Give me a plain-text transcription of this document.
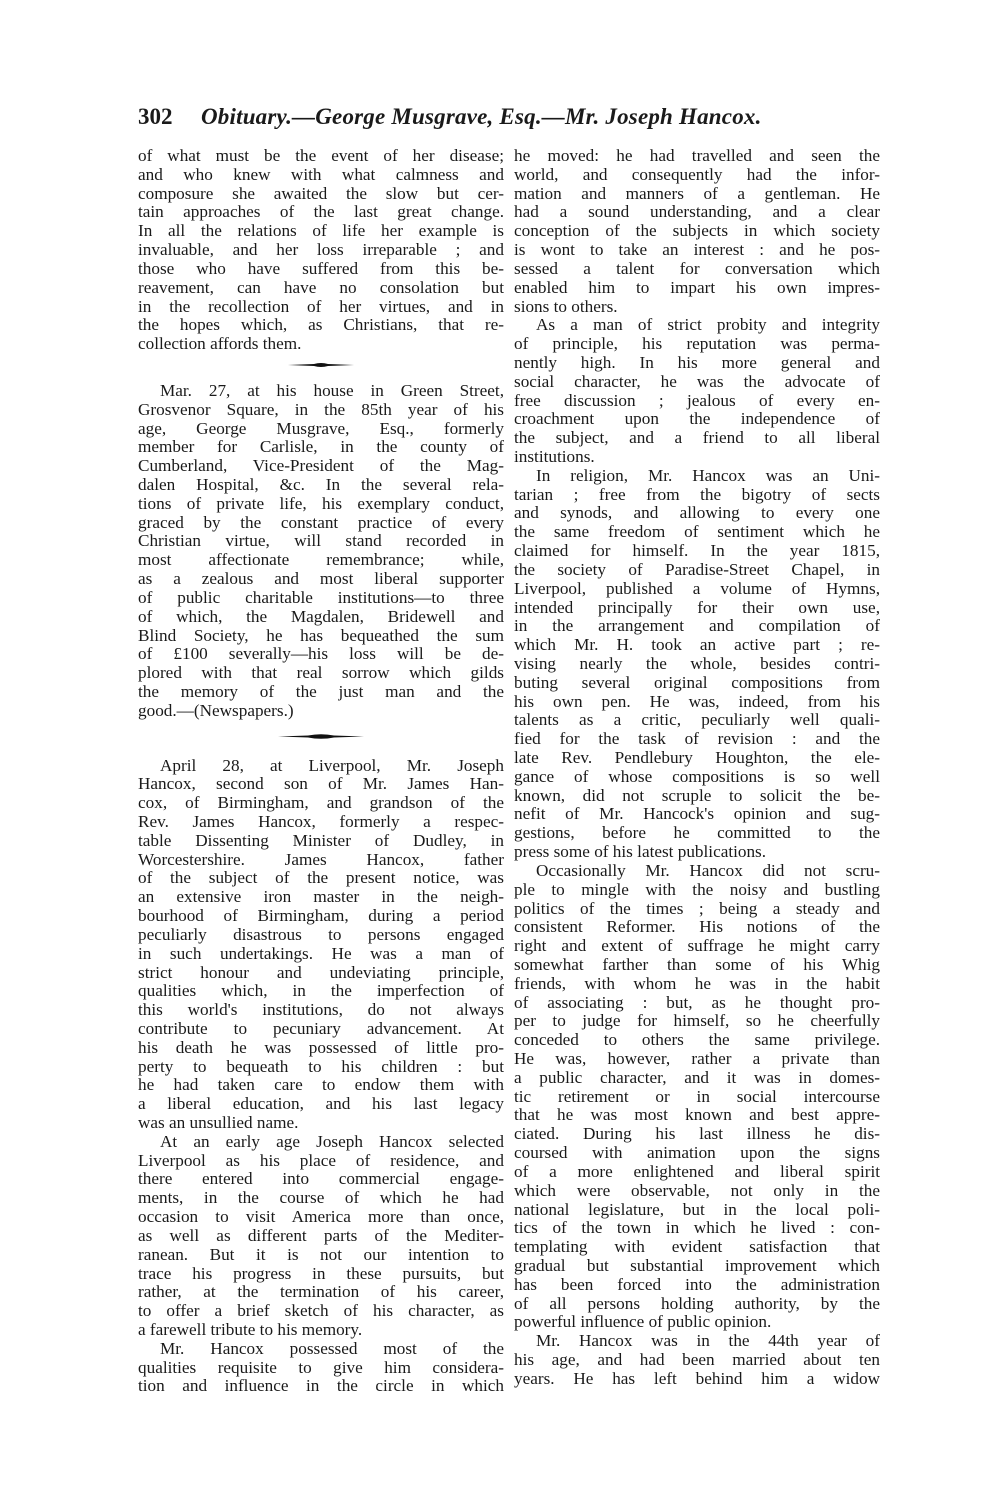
302 Obituary.—George Musgrave, Esq.—Mr. Joseph Hancox.
of what must be the event of her disease;
and who knew with what calmness and
composure she awaited the slow but cer-
tain approaches of the last great change.
In all the relations of life her example is
invaluable, and her loss irreparable ; and
those who have suffered from this be-
reavement, can have no consolation but
in the recollection of her virtues, and in
the hopes which, as Christians, that re-
collection affords them.
Mar. 27, at his house in Green Street,
Grosvenor Square, in the 85th year of his
age, George Musgrave, Esq., formerly
member for Carlisle, in the county of
Cumberland, Vice-President of the Mag-
dalen Hospital, &c. In the several rela-
tions of private life, his exemplary conduct,
graced by the constant practice of every
Christian virtue, will stand recorded in
most affectionate remembrance; while,
as a zealous and most liberal supporter
of public charitable institutions—to three
of which, the Magdalen, Bridewell and
Blind Society, he has bequeathed the sum
of £100 severally—his loss will be de-
plored with that real sorrow which gilds
the memory of the just man and the
good.—(Newspapers.)
April 28, at Liverpool, Mr. Joseph
Hancox, second son of Mr. James Han-
cox, of Birmingham, and grandson of the
Rev. James Hancox, formerly a respec-
table Dissenting Minister of Dudley, in
Worcestershire. James Hancox, father
of the subject of the present notice, was
an extensive iron master in the neigh-
bourhood of Birmingham, during a period
peculiarly disastrous to persons engaged
in such undertakings. He was a man of
strict honour and undeviating principle,
qualities which, in the imperfection of
this world's institutions, do not always
contribute to pecuniary advancement. At
his death he was possessed of little pro-
perty to bequeath to his children : but
he had taken care to endow them with
a liberal education, and his last legacy
was an unsullied name.
At an early age Joseph Hancox selected
Liverpool as his place of residence, and
there entered into commercial engage-
ments, in the course of which he had
occasion to visit America more than once,
as well as different parts of the Mediter-
ranean. But it is not our intention to
trace his progress in these pursuits, but
rather, at the termination of his career,
to offer a brief sketch of his character, as
a farewell tribute to his memory.
Mr. Hancox possessed most of the
qualities requisite to give him considera-
tion and influence in the circle in which
he moved: he had travelled and seen the
world, and consequently had the infor-
mation and manners of a gentleman. He
had a sound understanding, and a clear
conception of the subjects in which society
is wont to take an interest : and he pos-
sessed a talent for conversation which
enabled him to impart his own impres-
sions to others.
As a man of strict probity and integrity
of principle, his reputation was perma-
nently high. In his more general and
social character, he was the advocate of
free discussion ; jealous of every en-
croachment upon the independence of
the subject, and a friend to all liberal
institutions.
In religion, Mr. Hancox was an Uni-
tarian ; free from the bigotry of sects
and synods, and allowing to every one
the same freedom of sentiment which he
claimed for himself. In the year 1815,
the society of Paradise-Street Chapel, in
Liverpool, published a volume of Hymns,
intended principally for their own use,
in the arrangement and compilation of
which Mr. H. took an active part ; re-
vising nearly the whole, besides contri-
buting several original compositions from
his own pen. He was, indeed, from his
talents as a critic, peculiarly well quali-
fied for the task of revision : and the
late Rev. Pendlebury Houghton, the ele-
gance of whose compositions is so well
known, did not scruple to solicit the be-
nefit of Mr. Hancock's opinion and sug-
gestions, before he committed to the
press some of his latest publications.
Occasionally Mr. Hancox did not scru-
ple to mingle with the noisy and bustling
politics of the times ; being a steady and
consistent Reformer. His notions of the
right and extent of suffrage he might carry
somewhat farther than some of his Whig
friends, with whom he was in the habit
of associating : but, as he thought pro-
per to judge for himself, so he cheerfully
conceded to others the same privilege.
He was, however, rather a private than
a public character, and it was in domes-
tic retirement or in social intercourse
that he was most known and best appre-
ciated. During his last illness he dis-
coursed with animation upon the signs
of a more enlightened and liberal spirit
which were observable, not only in the
national legislature, but in the local poli-
tics of the town in which he lived : con-
templating with evident satisfaction that
gradual but substantial improvement which
has been forced into the administration
of all persons holding authority, by the
powerful influence of public opinion.
Mr. Hancox was in the 44th year of
his age, and had been married about ten
years. He has left behind him a widow
